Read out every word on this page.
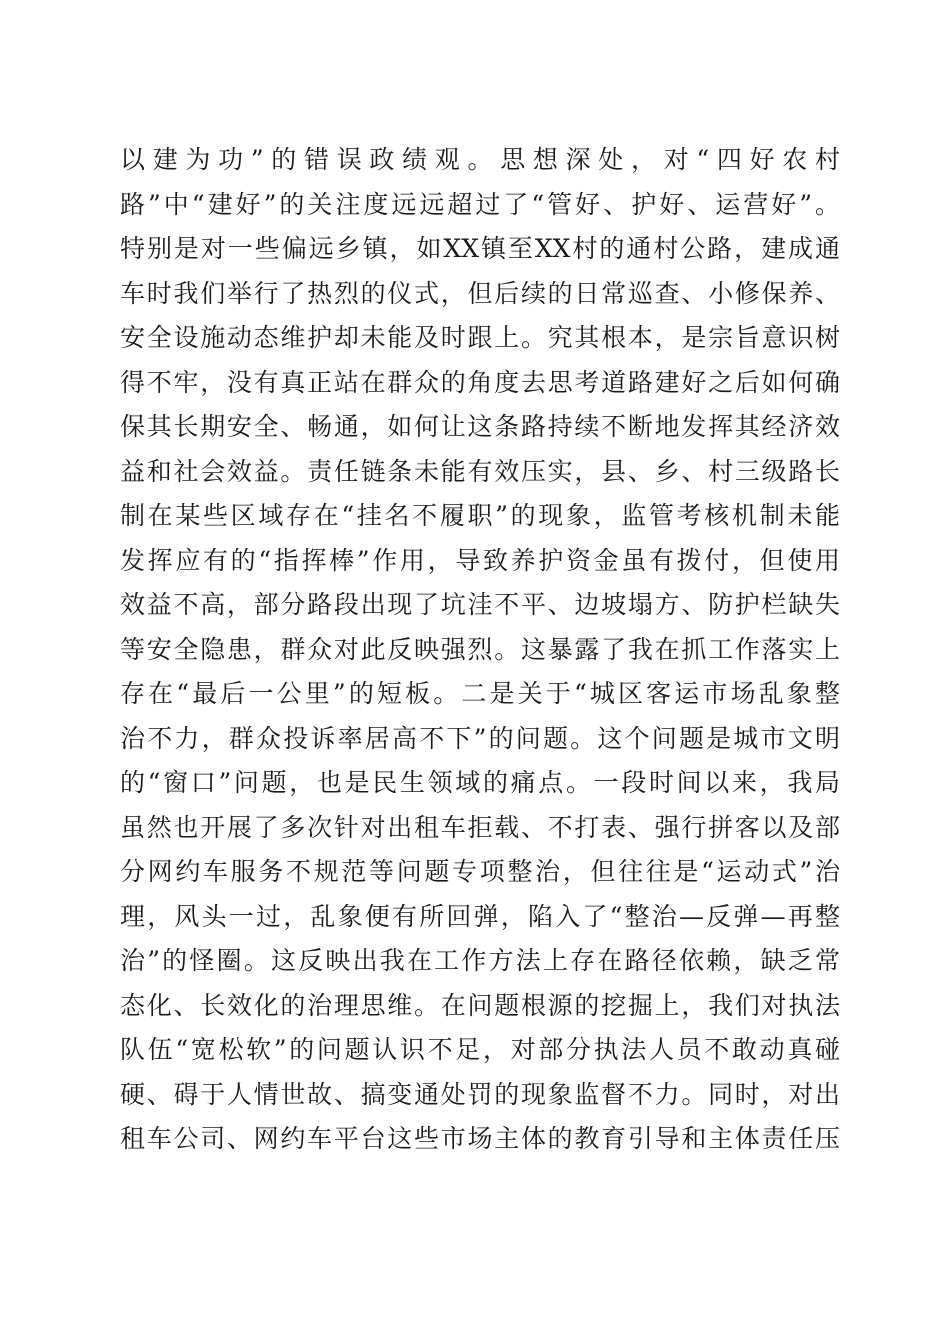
以建为功”的错误政绩观。思想深处，对“四好农村
路”中“建好”的关注度远远超过了“管好、护好、运营好”。
特别是对一些偏远乡镇，如XX镇至XX村的通村公路，建成通
车时我们举行了热烈的仪式，但后续的日常巡查、小修保养、
安全设施动态维护却未能及时跟上。究其根本，是宗旨意识树
得不牢，没有真正站在群众的角度去思考道路建好之后如何确
保其长期安全、畅通，如何让这条路持续不断地发挥其经济效
益和社会效益。责任链条未能有效压实，县、乡、村三级路长
制在某些区域存在“挂名不履职”的现象，监管考核机制未能
发挥应有的“指挥棒”作用，导致养护资金虽有拨付，但使用
效益不高，部分路段出现了坑洼不平、边坡塌方、防护栏缺失
等安全隐患，群众对此反映强烈。这暴露了我在抓工作落实上
存在“最后一公里”的短板。二是关于“城区客运市场乱象整
治不力，群众投诉率居高不下”的问题。这个问题是城市文明
的“窗口”问题，也是民生领域的痛点。一段时间以来，我局
虽然也开展了多次针对出租车拒载、不打表、强行拼客以及部
分网约车服务不规范等问题专项整治，但往往是“运动式”治
理，风头一过，乱象便有所回弹，陷入了“整治—反弹—再整
治”的怪圈。这反映出我在工作方法上存在路径依赖，缺乏常
态化、长效化的治理思维。在问题根源的挖掘上，我们对执法
队伍“宽松软”的问题认识不足，对部分执法人员不敢动真碰
硬、碍于人情世故、搞变通处罚的现象监督不力。同时，对出
租车公司、网约车平台这些市场主体的教育引导和主体责任压
